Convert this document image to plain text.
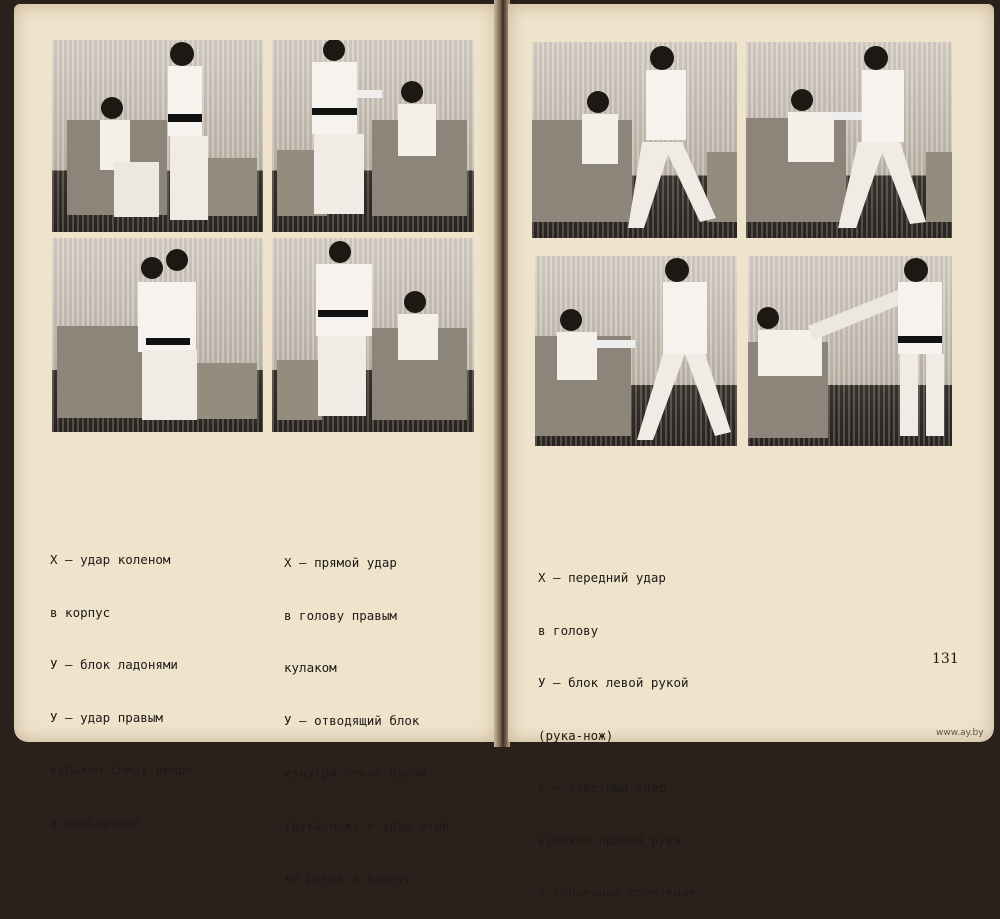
Х — удар коленом

в корпус

У — блок ладонями

У — удар правым

кулаком снизу-вверх

в подбородок

Х — прямой удар

в голову правым

кулаком

У — отводящий блок

изнутри левой рукой

(рука-нож) и удар этой

же рукой в корпус

Х — передний удар

в голову

У — блок левой рукой

(рука-нож)

У — ответный удар

кулаком правой руки

в солнечное сплетение

131
www.ay.by
